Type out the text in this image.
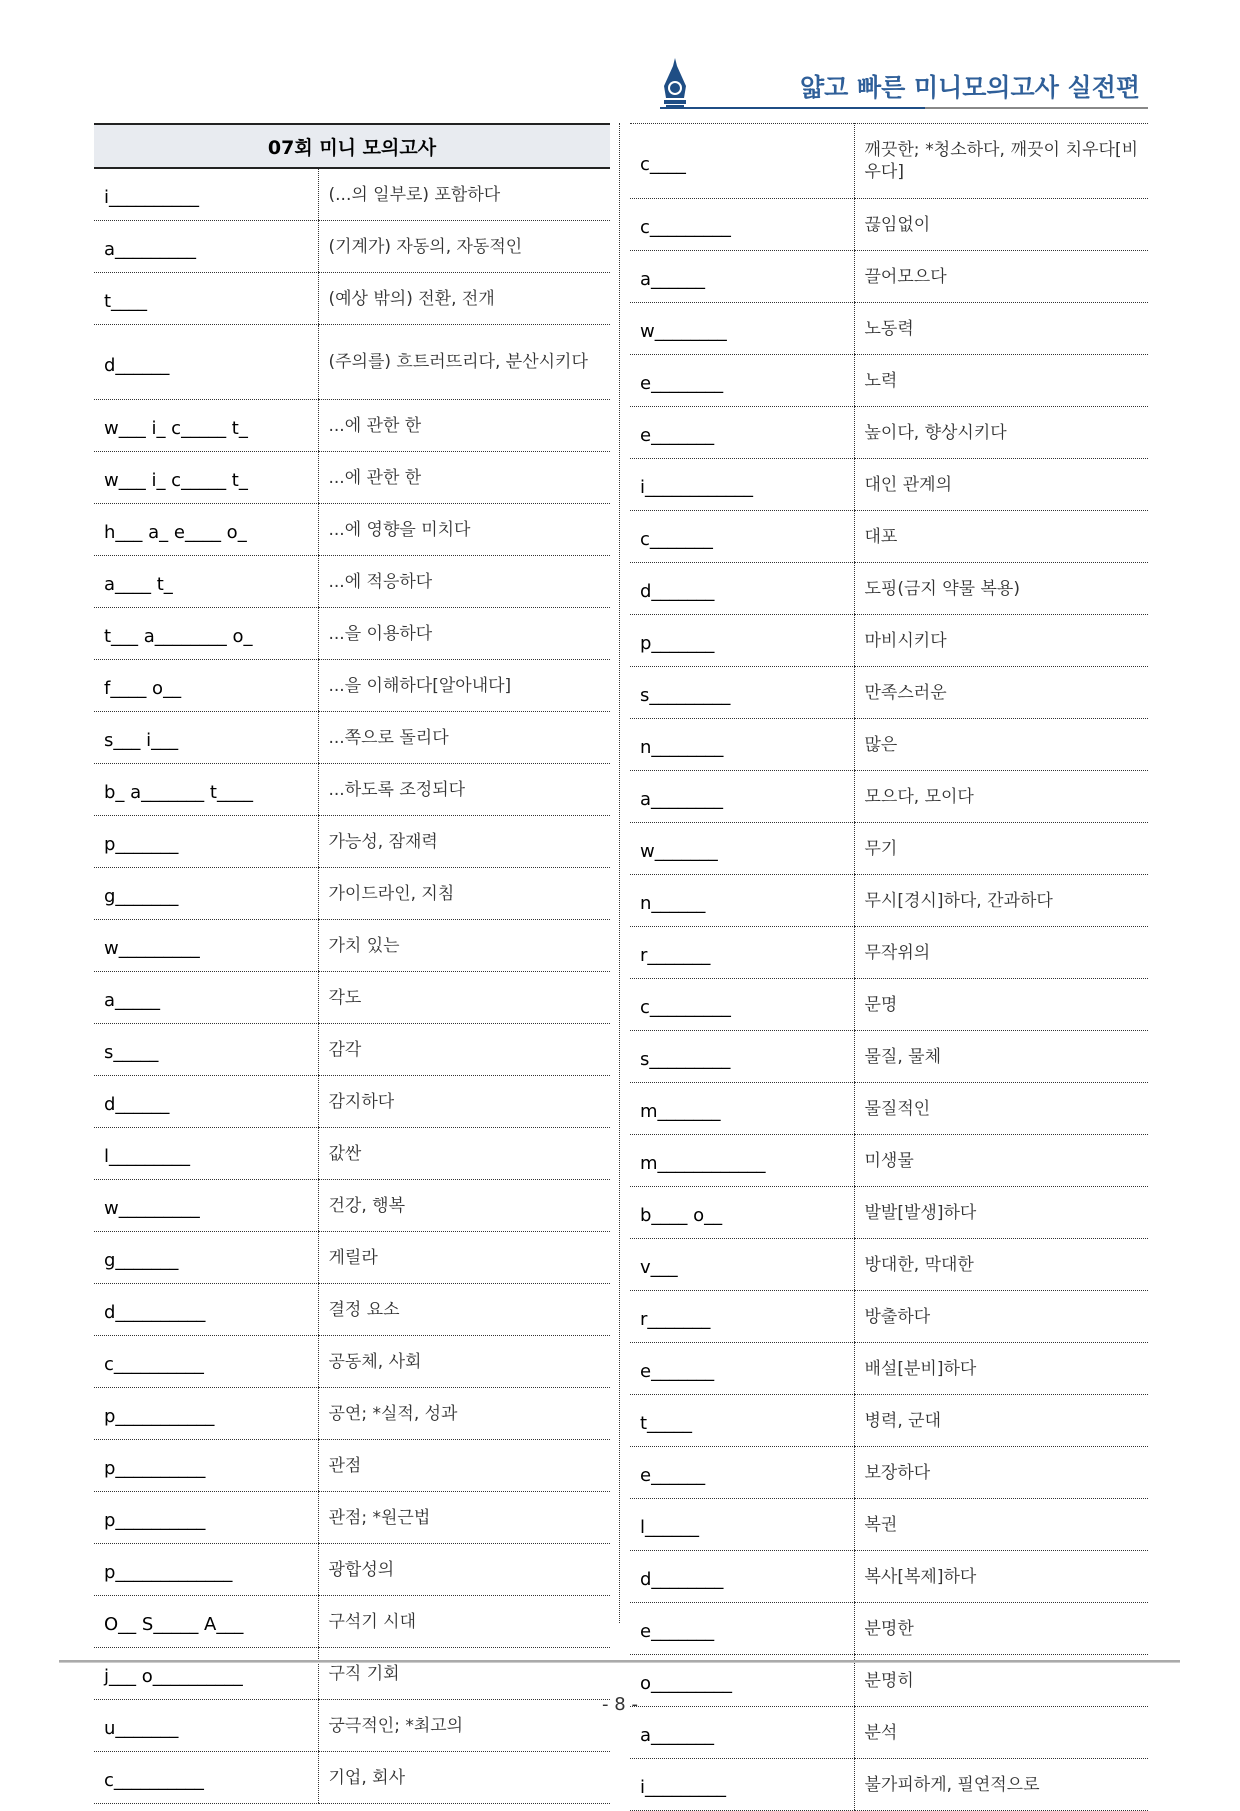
얇고 빠른 미니모의고사 실전편
07회 미니 모의고사	
i__________	(...의 일부로) 포함하다
a_________	(기계가) 자동의, 자동적인
t____	(예상 밖의) 전환, 전개
d______	(주의를) 흐트러뜨리다, 분산시키다
w___ i_ c_____ t_	...에 관한 한
w___ i_ c_____ t_	...에 관한 한
h___ a_ e____ o_	...에 영향을 미치다
a____ t_	...에 적응하다
t___ a________ o_	...을 이용하다
f____ o__	...을 이해하다[알아내다]
s___ i___	...쪽으로 돌리다
b_ a_______ t____	...하도록 조정되다
p_______	가능성, 잠재력
g_______	가이드라인, 지침
w_________	가치 있는
a_____	각도
s_____	감각
d______	감지하다
l_________	값싼
w_________	건강, 행복
g_______	게릴라
d__________	결정 요소
c__________	공동체, 사회
p___________	공연; *실적, 성과
p__________	관점
p__________	관점; *원근법
p_____________	광합성의
O__ S_____ A___	구석기 시대
j___ o__________	구직 기회
u_______	궁극적인; *최고의
c__________	기업, 회사
c____	깨끗한; *청소하다, 깨끗이 치우다[비우다]
c_________	끊임없이
a______	끌어모으다
w________	노동력
e________	노력
e_______	높이다, 향상시키다
i____________	대인 관계의
c_______	대포
d_______	도핑(금지 약물 복용)
p_______	마비시키다
s_________	만족스러운
n________	많은
a________	모으다, 모이다
w_______	무기
n______	무시[경시]하다, 간과하다
r_______	무작위의
c_________	문명
s_________	물질, 물체
m_______	물질적인
m____________	미생물
b____ o__	발발[발생]하다
v___	방대한, 막대한
r_______	방출하다
e_______	배설[분비]하다
t_____	병력, 군대
e______	보장하다
l______	복권
d________	복사[복제]하다
e_______	분명한
o_________	분명히
a_______	분석
i_________	불가피하게, 필연적으로
- 8 -
